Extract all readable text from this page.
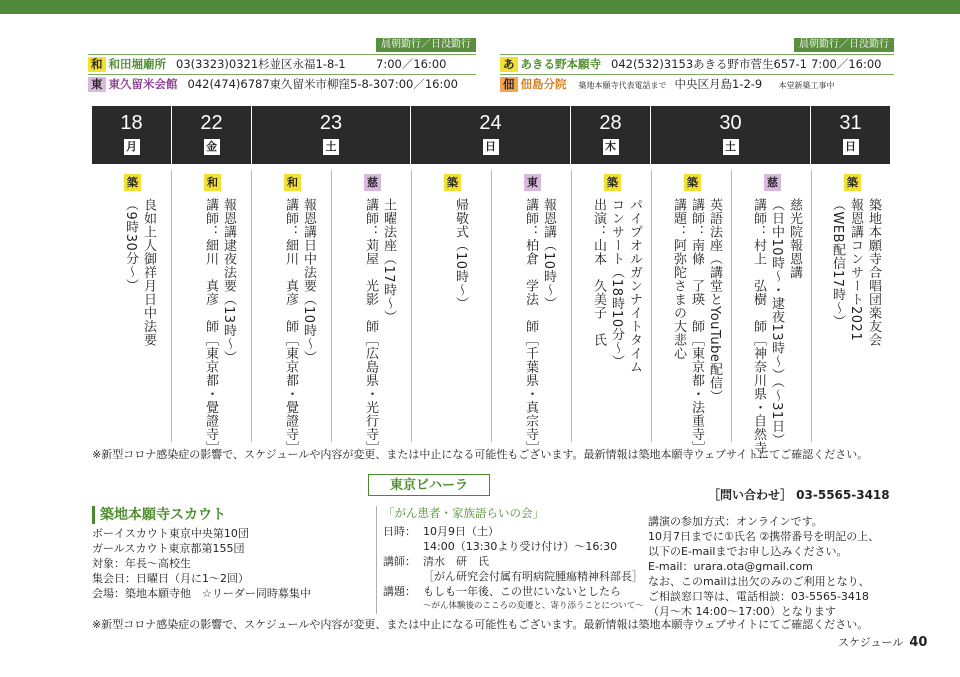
晨朝勤行／日没勤行
和 和田堀廟所 03(3323)0321杉並区永福1-8-1	7:00／16:00
東 東久留米会館 042(474)6787東久留米市柳窪5-8-307:00／16:00
晨朝勤行／日没勤行
あ あきる野本願寺 042(532)3153あきる野市菅生657-1 7:00／16:00
佃 佃島分院 築地本願寺代表電話まで 中央区月島1-2-9 本堂新築工事中
18
月
22
金
23
土
24
日
28
木
30
土
31
日
築
良如上人御祥月日中法要
（9時30分〜）
和
報恩講逮夜法要（13時〜）
講師：細川　真彦　師［東京都・覺證寺］
和
報恩講日中法要（10時〜）
講師：細川　真彦　師［東京都・覺證寺］
慈
土曜法座（17時〜）
講師：苅屋　光影　師［広島県・光行寺］
築
帰敬式（10時〜）
東
報恩講（10時〜）
講師：柏倉　学法　師［千葉県・真宗寺］
築
パイプオルガンナイトタイム
コンサート（18時10分〜）
出演：山本　久美子　氏
築
英語法座（講堂とYouTube配信）
講師：南條　了瑛　師［東京都・法重寺］
講題：阿弥陀さまの大悲心
慈
慈光院報恩講
（日中10時〜・逮夜13時〜）（〜31日）
講師：村上　弘樹　師［神奈川県・自然寺］
築
築地本願寺合唱団楽友会
報恩講コンサート2021
（WEB配信17時〜）
※新型コロナ感染症の影響で、スケジュールや内容が変更、または中止になる可能性もございます。最新情報は築地本願寺ウェブサイトにてご確認ください。
東京ビハーラ
［問い合わせ］ 03-5565-3418
築地本願寺スカウト
ボーイスカウト東京中央第10団
ガールスカウト東京都第155団
対象：年長〜高校生
集会日：日曜日（月に1〜2回）
会場：築地本願寺他　☆リーダー同時募集中
「がん患者・家族語らいの会」
日時： 10月9日（土）
14:00（13:30より受け付け）〜16:30
講師： 清水　研　氏
［がん研究会付属有明病院腫瘍精神科部長］
講題： もしも一年後、この世にいないとしたら
〜がん体験後のこころの変遷と、寄り添うことについて〜
講演の参加方式：オンラインです。
10月7日までに①氏名 ②携帯番号を明記の上、
以下のE-mailまでお申し込みください。
E-mail：urara.ota@gmail.com
なお、このmailは出欠のみのご利用となり、
ご相談窓口等は、電話相談：03-5565-3418
（月〜木 14:00〜17:00）となります
※新型コロナ感染症の影響で、スケジュールや内容が変更、または中止になる可能性もございます。最新情報は築地本願寺ウェブサイトにてご確認ください。
スケジュール 40
